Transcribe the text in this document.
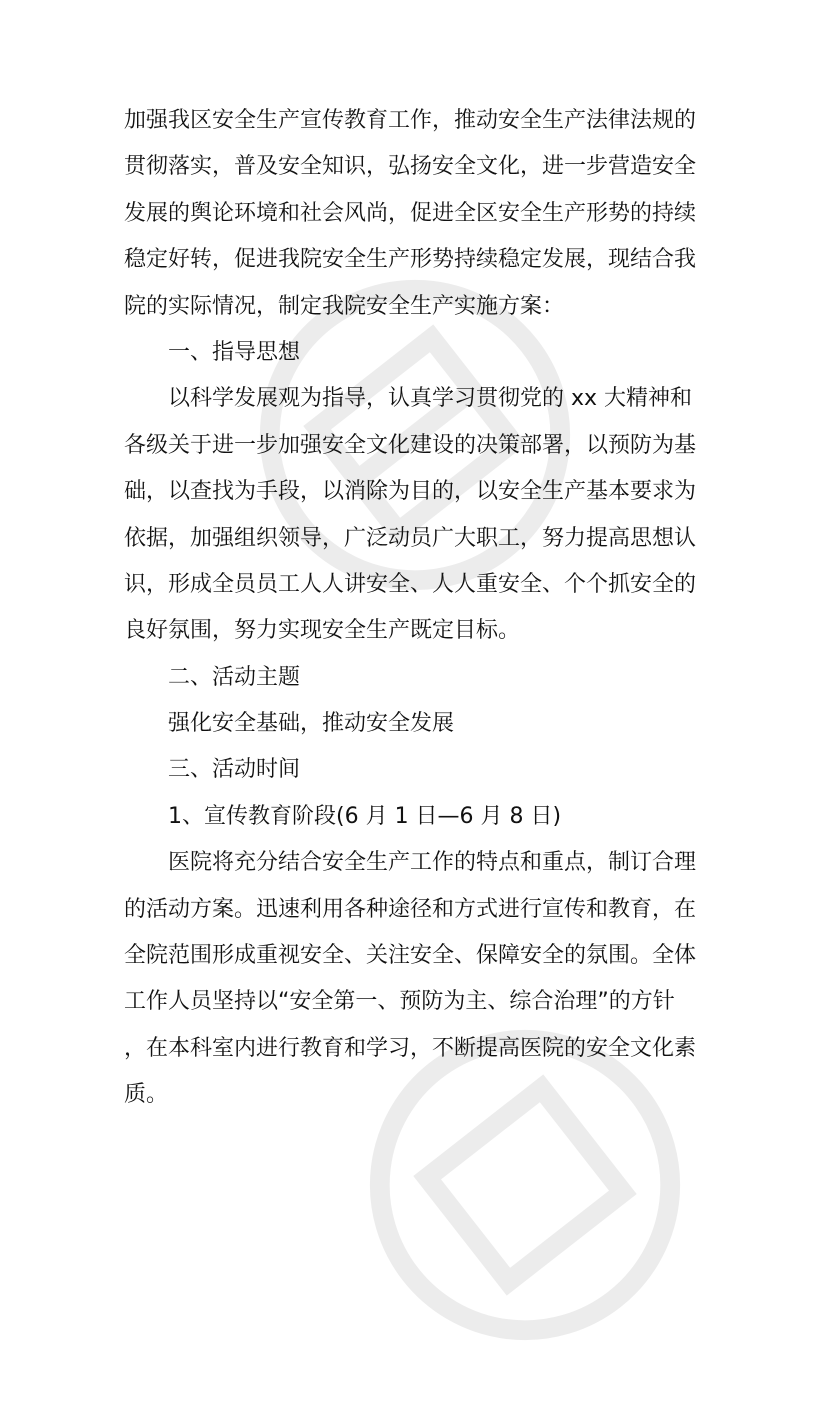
加强我区安全生产宣传教育工作，推动安全生产法律法规的
贯彻落实，普及安全知识，弘扬安全文化，进一步营造安全
发展的舆论环境和社会风尚，促进全区安全生产形势的持续
稳定好转，促进我院安全生产形势持续稳定发展，现结合我
院的实际情况，制定我院安全生产实施方案：
一、指导思想
以科学发展观为指导，认真学习贯彻党的 xx 大精神和
各级关于进一步加强安全文化建设的决策部署，以预防为基
础，以查找为手段，以消除为目的，以安全生产基本要求为
依据，加强组织领导，广泛动员广大职工，努力提高思想认
识，形成全员员工人人讲安全、人人重安全、个个抓安全的
良好氛围，努力实现安全生产既定目标。
二、活动主题
强化安全基础，推动安全发展
三、活动时间
1、宣传教育阶段(6 月 1 日—6 月 8 日)
医院将充分结合安全生产工作的特点和重点，制订合理
的活动方案。迅速利用各种途径和方式进行宣传和教育，在
全院范围形成重视安全、关注安全、保障安全的氛围。全体
工作人员坚持以“安全第一、预防为主、综合治理”的方针
，在本科室内进行教育和学习，不断提高医院的安全文化素
质。
